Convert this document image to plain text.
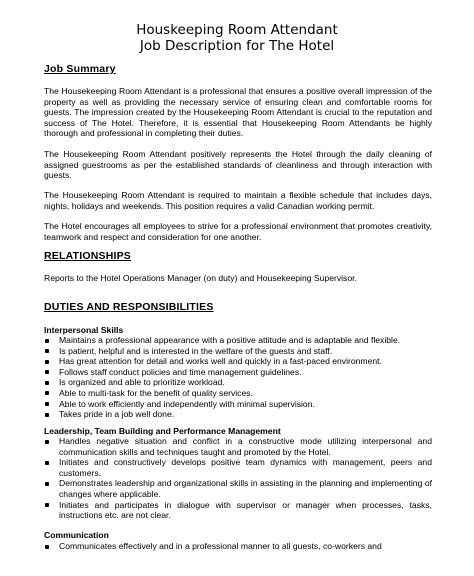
Houskeeping Room Attendant
Job Description for The Hotel
Job Summary

The Housekeeping Room Attendant is a professional that ensures a positive overall impression of the property as well as providing the necessary service of ensuring clean and comfortable rooms for guests. The impression created by the Housekeeping Room Attendant is crucial to the reputation and success of The Hotel. Therefore, it is essential that Housekeeping Room Attendants be highly thorough and professional in completing their duties.

The Housekeeping Room Attendant positively represents the Hotel through the daily cleaning of assigned guestrooms as per the established standards of cleanliness and through interaction with guests.

The Housekeeping Room Attendant is required to maintain a flexible schedule that includes days, nights, holidays and weekends. This position requires a valid Canadian working permit.

The Hotel encourages all employees to strive for a professional environment that promotes creativity, teamwork and respect and consideration for one another.

RELATIONSHIPS

Reports to the Hotel Operations Manager (on duty) and Housekeeping Supervisor.

DUTIES AND RESPONSIBILITIES
Interpersonal Skills
Maintains a professional appearance with a positive attitude and is adaptable and flexible.
Is patient, helpful and is interested in the welfare of the guests and staff.
Has great attention for detail and works well and quickly in a fast-paced environment.
Follows staff conduct policies and time management guidelines.
Is organized and able to prioritize workload.
Able to multi-task for the benefit of quality services.
Able to work efficiently and independently with minimal supervision.
Takes pride in a job well done.
Leadership, Team Building and Performance Management
Handles negative situation and conflict in a constructive mode utilizing interpersonal and communication skills and techniques taught and promoted by the Hotel.
Initiates and constructively develops positive team dynamics with management, peers and customers.
Demonstrates leadership and organizational skills in assisting in the planning and implementing of changes where applicable.
Initiates and participates in dialogue with supervisor or manager when processes, tasks, instructions etc. are not clear.
Communication
Communicates effectively and in a professional manner to all guests, co-workers and
